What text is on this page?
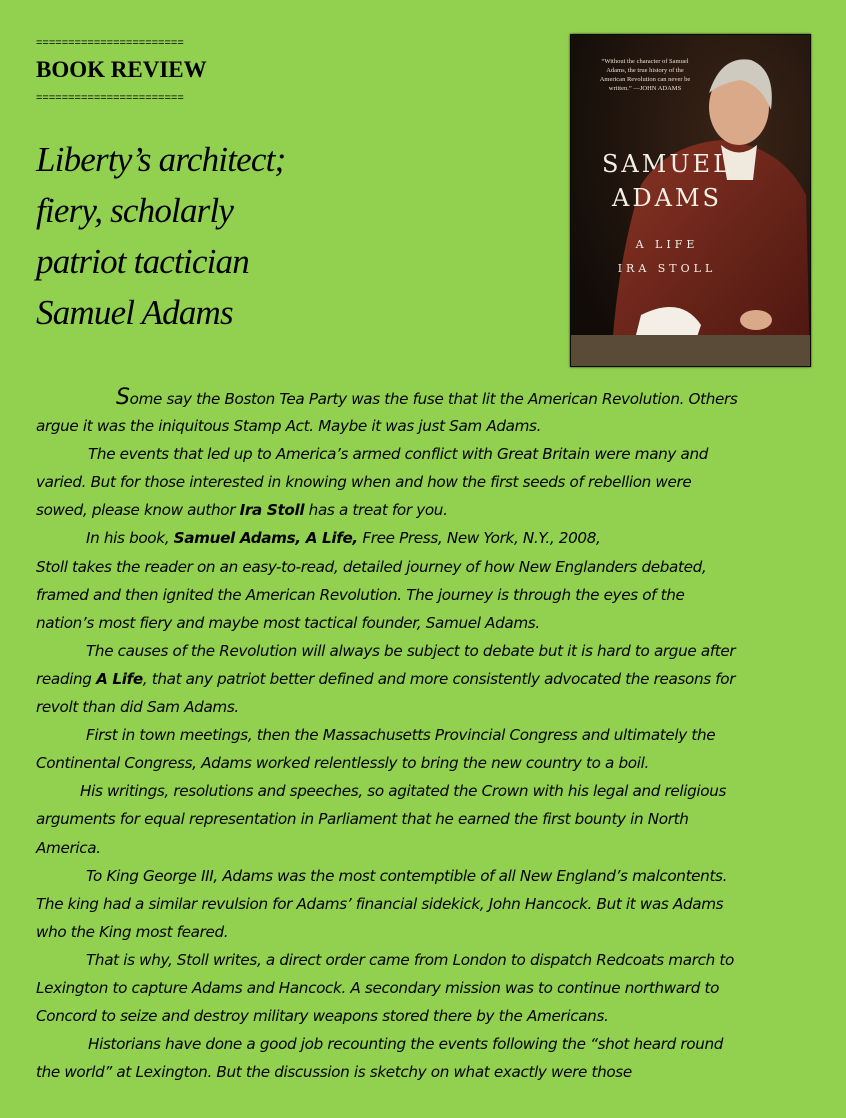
=======================
BOOK REVIEW
=======================
Liberty’s architect;
fiery, scholarly
patriot tactician
Samuel Adams
“Without the character of Samuel Adams, the true history of the American Revolution can never be written.” —JOHN ADAMS
SAMUEL
ADAMS
A LIFE
IRA STOLL
Some say the Boston Tea Party was the fuse that lit the American Revolution. Others
argue it was the iniquitous Stamp Act. Maybe it was just Sam Adams.
The events that led up to America’s armed conflict with Great Britain were many and
varied. But for those interested in knowing when and how the first seeds of rebellion were
sowed, please know author Ira Stoll has a treat for you.
In his book, Samuel Adams, A Life, Free Press, New York, N.Y., 2008,
Stoll takes the reader on an easy-to-read, detailed journey of how New Englanders debated,
framed and then ignited the American Revolution. The journey is through the eyes of the
nation’s most fiery and maybe most tactical founder, Samuel Adams.
The causes of the Revolution will always be subject to debate but it is hard to argue after
reading A Life, that any patriot better defined and more consistently advocated the reasons for
revolt than did Sam Adams.
First in town meetings, then the Massachusetts Provincial Congress and ultimately the
Continental Congress, Adams worked relentlessly to bring the new country to a boil.
His writings, resolutions and speeches, so agitated the Crown with his legal and religious
arguments for equal representation in Parliament that he earned the first bounty in North
America.
To King George III, Adams was the most contemptible of all New England’s malcontents.
The king had a similar revulsion for Adams’ financial sidekick, John Hancock. But it was Adams
who the King most feared.
That is why, Stoll writes, a direct order came from London to dispatch Redcoats march to
Lexington to capture Adams and Hancock. A secondary mission was to continue northward to
Concord to seize and destroy military weapons stored there by the Americans.
Historians have done a good job recounting the events following the “shot heard round
the world” at Lexington. But the discussion is sketchy on what exactly were those
